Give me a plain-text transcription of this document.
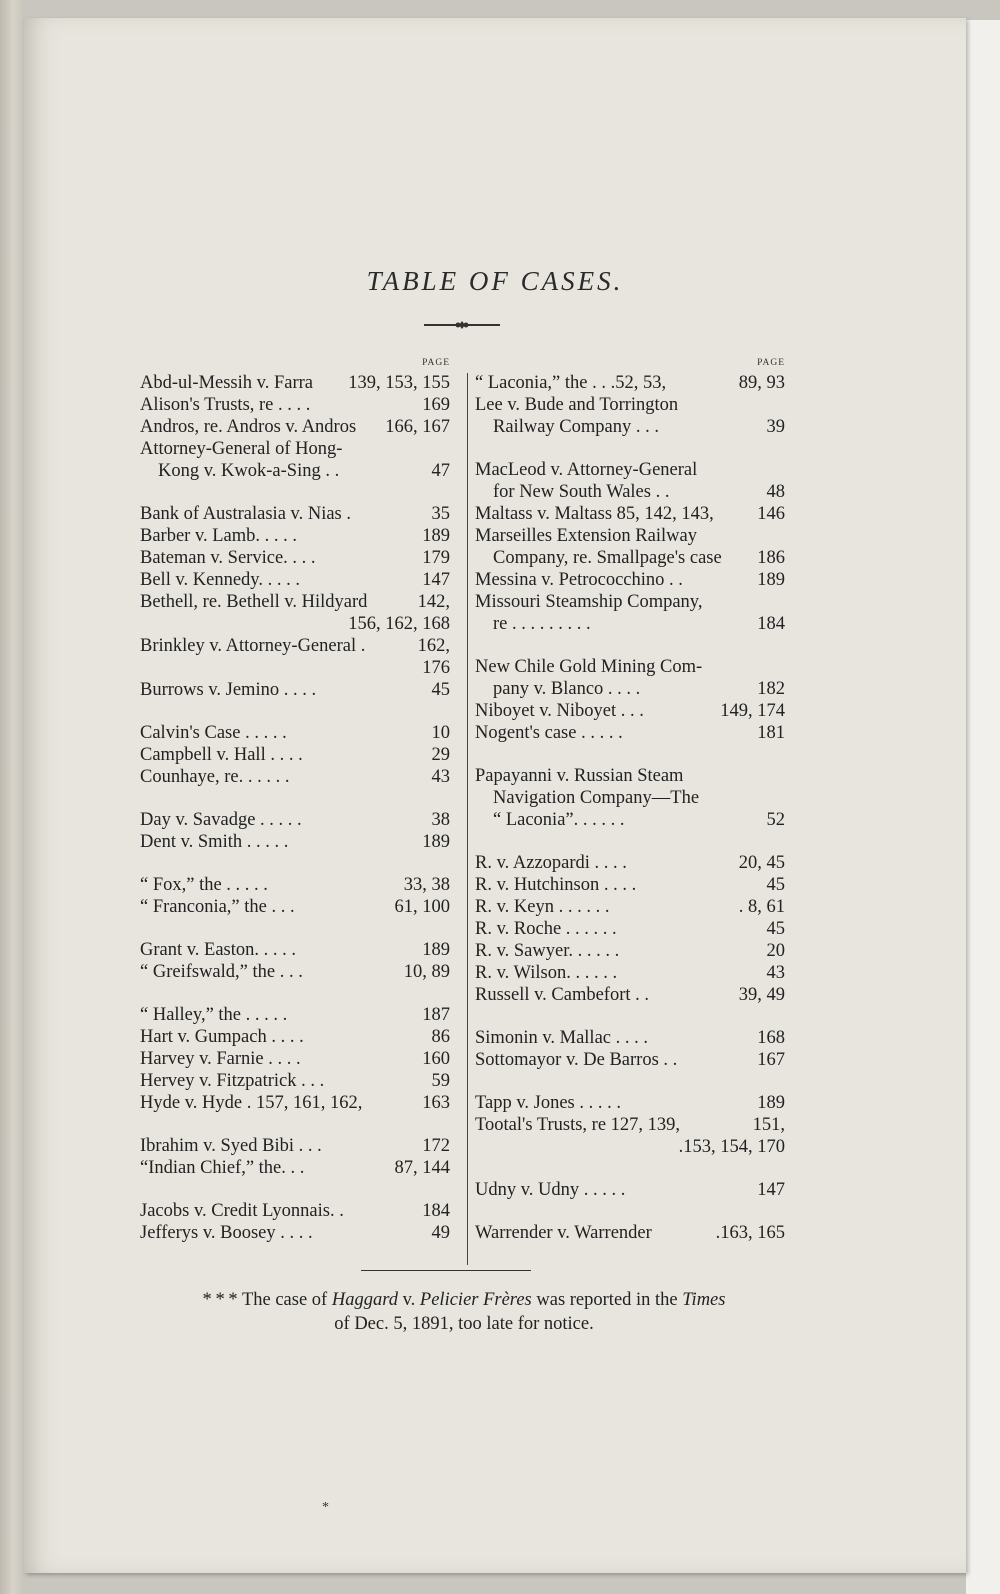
TABLE OF CASES.
PAGE
Abd-ul-Messih v. Farra	139, 153, 155
Alison's Trusts, re . . . .	169
Andros, re. Andros v. Andros	166, 167
Attorney-General of Hong-
Kong v. Kwok-a-Sing . .	47
Bank of Australasia v. Nias .	35
Barber v. Lamb. . . . .	189
Bateman v. Service. . . .	179
Bell v. Kennedy. . . . .	147
Bethell, re. Bethell v. Hildyard	142,
156, 162, 168
Brinkley v. Attorney-General .	162,
176
Burrows v. Jemino . . . .	45
Calvin's Case . . . . .	10
Campbell v. Hall . . . .	29
Counhaye, re. . . . . .	43
Day v. Savadge . . . . .	38
Dent v. Smith . . . . .	189
“ Fox,” the . . . . .	33, 38
“ Franconia,” the . . .	61, 100
Grant v. Easton. . . . .	189
“ Greifswald,” the . . .	10, 89
“ Halley,” the . . . . .	187
Hart v. Gumpach . . . .	86
Harvey v. Farnie . . . .	160
Hervey v. Fitzpatrick . . .	59
Hyde v. Hyde . 157, 161, 162,	163
Ibrahim v. Syed Bibi . . .	172
“Indian Chief,” the. . .	87, 144
Jacobs v. Credit Lyonnais. .	184
Jefferys v. Boosey . . . .	49
PAGE
“ Laconia,” the . . .52, 53,	89, 93
Lee v. Bude and Torrington
Railway Company . . .	39
MacLeod v. Attorney-General
for New South Wales . .	48
Maltass v. Maltass 85, 142, 143,	146
Marseilles Extension Railway
Company, re. Smallpage's case	186
Messina v. Petrococchino . .	189
Missouri Steamship Company,
re . . . . . . . . .	184
New Chile Gold Mining Com-
pany v. Blanco . . . .	182
Niboyet v. Niboyet . . .	149, 174
Nogent's case . . . . .	181
Papayanni v. Russian Steam
Navigation Company—The
“ Laconia”. . . . . .	52
R. v. Azzopardi . . . .	20, 45
R. v. Hutchinson . . . .	45
R. v. Keyn . . . . . .	. 8, 61
R. v. Roche . . . . . .	45
R. v. Sawyer. . . . . .	20
R. v. Wilson. . . . . .	43
Russell v. Cambefort . .	39, 49
Simonin v. Mallac . . . .	168
Sottomayor v. De Barros . .	167
Tapp v. Jones . . . . .	189
Tootal's Trusts, re 127, 139,	151,
.153, 154, 170
Udny v. Udny . . . . .	147
Warrender v. Warrender	.163, 165
* * * The case of Haggard v. Pelicier Frères was reported in the Times
of Dec. 5, 1891, too late for notice.
*
